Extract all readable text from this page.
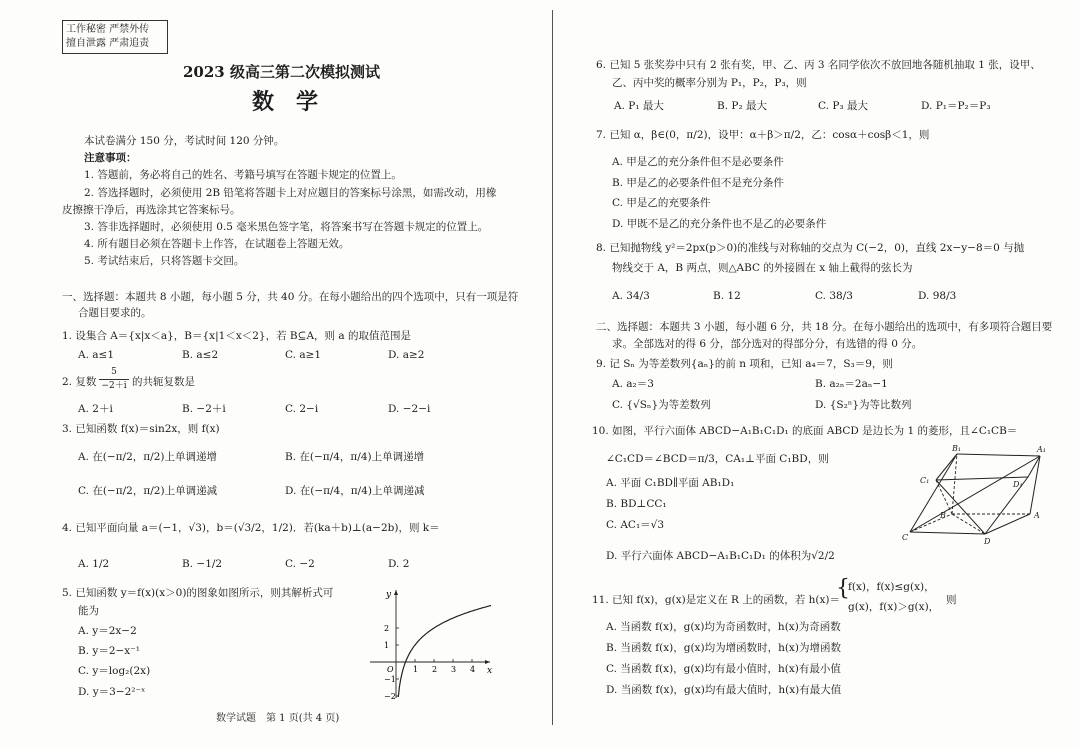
工作秘密 严禁外传
擅自泄露 严肃追责
2023 级高三第二次模拟测试
数学
本试卷满分 150 分，考试时间 120 分钟。
注意事项：
1. 答题前，务必将自己的姓名、考籍号填写在答题卡规定的位置上。
2. 答选择题时，必须使用 2B 铅笔将答题卡上对应题目的答案标号涂黑，如需改动，用橡
皮擦擦干净后，再选涂其它答案标号。
3. 答非选择题时，必须使用 0.5 毫米黑色签字笔，将答案书写在答题卡规定的位置上。
4. 所有题目必须在答题卡上作答，在试题卷上答题无效。
5. 考试结束后，只将答题卡交回。
一、选择题：本题共 8 小题，每小题 5 分，共 40 分。在每小题给出的四个选项中，只有一项是符
合题目要求的。
1. 设集合 A＝{x|x＜a}，B＝{x|1＜x＜2}，若 B⊆A，则 a 的取值范围是
A. a≤1	B. a≤2	C. a≥1	D. a≥2
2. 复数
5
−2＋i 的共轭复数是
A. 2＋i	B. −2＋i	C. 2−i	D. −2−i
3. 已知函数 f(x)＝sin2x，则 f(x)
A. 在(−π/2，π/2)上单调递增	B. 在(−π/4，π/4)上单调递增
C. 在(−π/2，π/2)上单调递减	D. 在(−π/4，π/4)上单调递减
4. 已知平面向量 a＝(−1，√3)，b＝(√3/2，1/2)．若(ka＋b)⊥(a−2b)，则 k＝
A. 1/2	B. −1/2	C. −2	D. 2
5. 已知函数 y＝f(x)(x＞0)的图象如图所示，则其解析式可
能为
A. y＝2x−2
B. y＝2−x⁻¹
C. y＝log₂(2x)
D. y＝3−2²⁻ˣ
2
1
−1
−2
1 2 3 4
y
x
O
数学试题　第 1 页(共 4 页)
6. 已知 5 张奖券中只有 2 张有奖，甲、乙、丙 3 名同学依次不放回地各随机抽取 1 张，设甲、
乙、丙中奖的概率分别为 P₁，P₂，P₃，则
A. P₁ 最大	B. P₂ 最大	C. P₃ 最大	D. P₁＝P₂＝P₃
7. 已知 α，β∈(0，π/2)，设甲：α＋β＞π/2，乙：cosα＋cosβ＜1，则
A. 甲是乙的充分条件但不是必要条件
B. 甲是乙的必要条件但不是充分条件
C. 甲是乙的充要条件
D. 甲既不是乙的充分条件也不是乙的必要条件
8. 已知抛物线 y²＝2px(p＞0)的准线与对称轴的交点为 C(−2，0)，直线 2x−y−8＝0 与抛
物线交于 A，B 两点，则△ABC 的外接圆在 x 轴上截得的弦长为
A. 34/3	B. 12	C. 38/3	D. 98/3
二、选择题：本题共 3 小题，每小题 6 分，共 18 分。在每小题给出的选项中，有多项符合题目要
求。全部选对的得 6 分，部分选对的得部分分，有选错的得 0 分。
9. 记 Sₙ 为等差数列{aₙ}的前 n 项和，已知 a₄＝7，S₃＝9，则
A. a₂＝3	B. a₂ₙ＝2aₙ−1
C. {√Sₙ}为等差数列	D. {S₂ⁿ}为等比数列
10. 如图，平行六面体 ABCD−A₁B₁C₁D₁ 的底面 ABCD 是边长为 1 的菱形，且∠C₁CB＝
∠C₁CD＝∠BCD＝π/3，CA₁⊥平面 C₁BD，则
A. 平面 C₁BD∥平面 AB₁D₁
B. BD⊥CC₁
C. AC₁＝√3
D. 平行六面体 ABCD−A₁B₁C₁D₁ 的体积为√2/2
B₁	A₁
C₁	D₁
B	A
C	D
11. 已知 f(x)，g(x)是定义在 R 上的函数，若 h(x)＝
{
f(x)，f(x)≤g(x)，
g(x)，f(x)＞g(x)，
则
A. 当函数 f(x)，g(x)均为奇函数时，h(x)为奇函数
B. 当函数 f(x)，g(x)均为增函数时，h(x)为增函数
C. 当函数 f(x)，g(x)均有最小值时，h(x)有最小值
D. 当函数 f(x)，g(x)均有最大值时，h(x)有最大值
